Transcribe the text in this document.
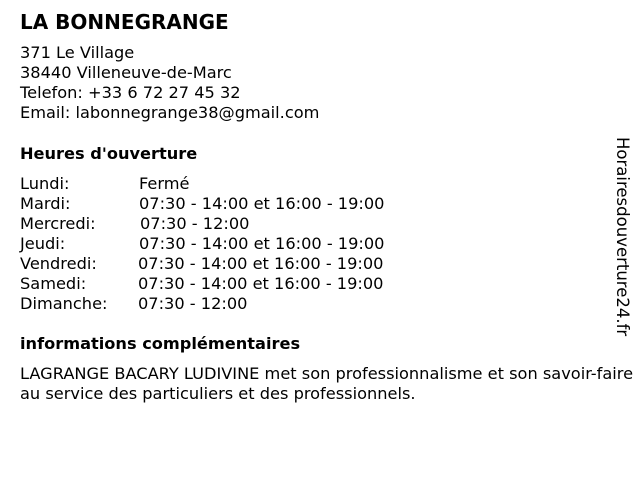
LA BONNEGRANGE
371 Le Village
38440 Villeneuve-de-Marc
Telefon: +33 6 72 27 45 32
Email: labonnegrange38@gmail.com
Heures d'ouverture
Lundi:	Fermé
Mardi:	07:30 - 14:00 et 16:00 - 19:00
Mercredi:	07:30 - 12:00
Jeudi:	07:30 - 14:00 et 16:00 - 19:00
Vendredi:	07:30 - 14:00 et 16:00 - 19:00
Samedi:	07:30 - 14:00 et 16:00 - 19:00
Dimanche: 07:30 - 12:00
informations complémentaires
LAGRANGE BACARY LUDIVINE met son professionnalisme et son savoir-faire au service des particuliers et des professionnels.
Horairesdouverture24.fr
